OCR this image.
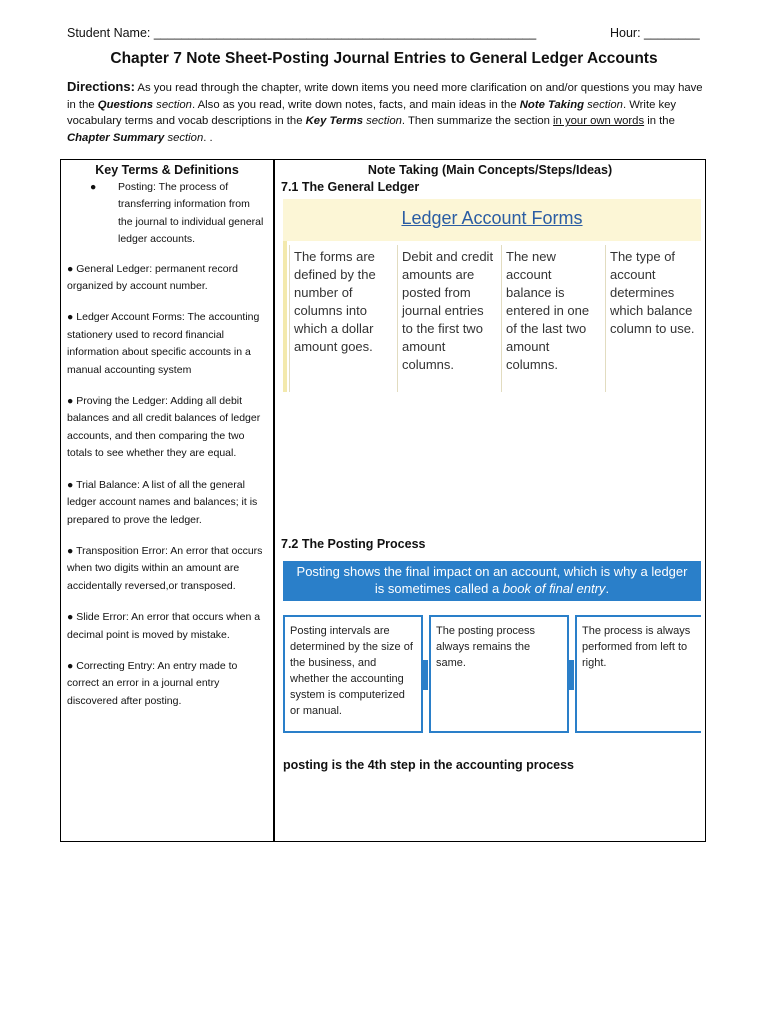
Student Name: _______________________________________________________	Hour: ________
Chapter 7 Note Sheet-Posting Journal Entries to General Ledger Accounts
Directions: As you read through the chapter, write down items you need more clarification on and/or questions you may have in the Questions section. Also as you read, write down notes, facts, and main ideas in the Note Taking section. Write key vocabulary terms and vocab descriptions in the Key Terms section. Then summarize the section in your own words in the Chapter Summary section. .
Key Terms & Definitions	Note Taking (Main Concepts/Steps/Ideas)
●	Posting: The process of transferring information from the journal to individual general ledger accounts.
● General Ledger: permanent record organized by account number.
● Ledger Account Forms: The accounting stationery used to record financial information about specific accounts in a manual accounting system
● Proving the Ledger: Adding all debit balances and all credit balances of ledger accounts, and then comparing the two totals to see whether they are equal.
● Trial Balance: A list of all the general ledger account names and balances; it is prepared to prove the ledger.
● Transposition Error: An error that occurs when two digits within an amount are accidentally reversed,or transposed.
● Slide Error: An error that occurs when a decimal point is moved by mistake.
● Correcting Entry: An entry made to correct an error in a journal entry discovered after posting.
7.1 The General Ledger
Ledger Account Forms
The forms are defined by the number of columns into which a dollar amount goes.
Debit and credit amounts are posted from journal entries to the first two amount columns.
The new account balance is entered in one of the last two amount columns.
The type of account determines which balance column to use.
7.2 The Posting Process
Posting shows the final impact on an account, which is why a ledger
is sometimes called a book of final entry.
Posting intervals are determined by the size of the business, and whether the accounting system is computerized or manual.
The posting process always remains the same.
The process is always performed from left to right.
posting is the 4th step in the accounting process
